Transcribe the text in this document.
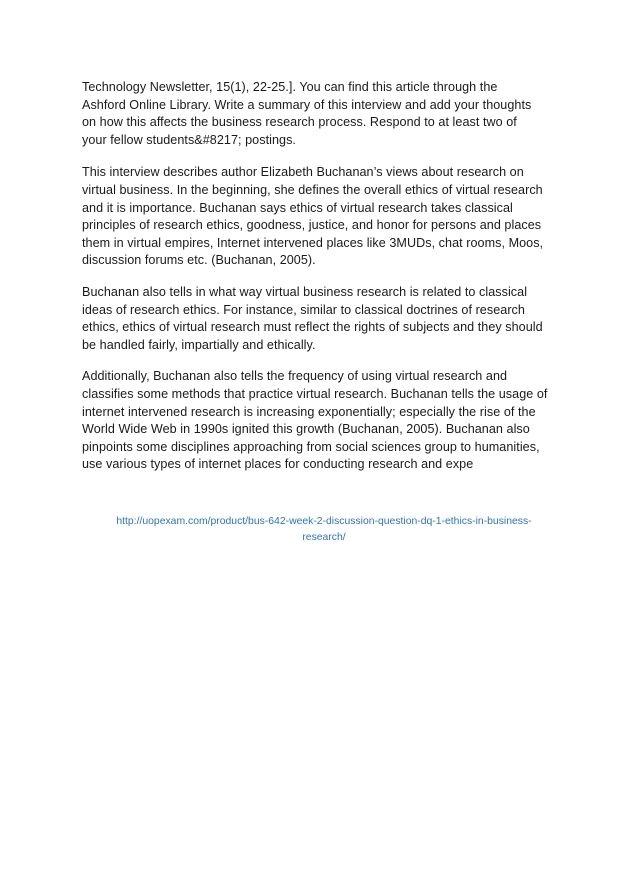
Technology Newsletter, 15(1), 22-25.]. You can find this article through the
Ashford Online Library. Write a summary of this interview and add your thoughts
on how this affects the business research process. Respond to at least two of
your fellow students&#8217; postings.

This interview describes author Elizabeth Buchanan’s views about research on
virtual business. In the beginning, she defines the overall ethics of virtual research
and it is importance. Buchanan says ethics of virtual research takes classical
principles of research ethics, goodness, justice, and honor for persons and places
them in virtual empires, Internet intervened places like 3MUDs, chat rooms, Moos,
discussion forums etc. (Buchanan, 2005).

Buchanan also tells in what way virtual business research is related to classical
ideas of research ethics. For instance, similar to classical doctrines of research
ethics, ethics of virtual research must reflect the rights of subjects and they should
be handled fairly, impartially and ethically.

Additionally, Buchanan also tells the frequency of using virtual research and
classifies some methods that practice virtual research. Buchanan tells the usage of
internet intervened research is increasing exponentially; especially the rise of the
World Wide Web in 1990s ignited this growth (Buchanan, 2005). Buchanan also
pinpoints some disciplines approaching from social sciences group to humanities,
use various types of internet places for conducting research and expe

http://uopexam.com/product/bus-642-week-2-discussion-question-dq-1-ethics-in-business-
research/
